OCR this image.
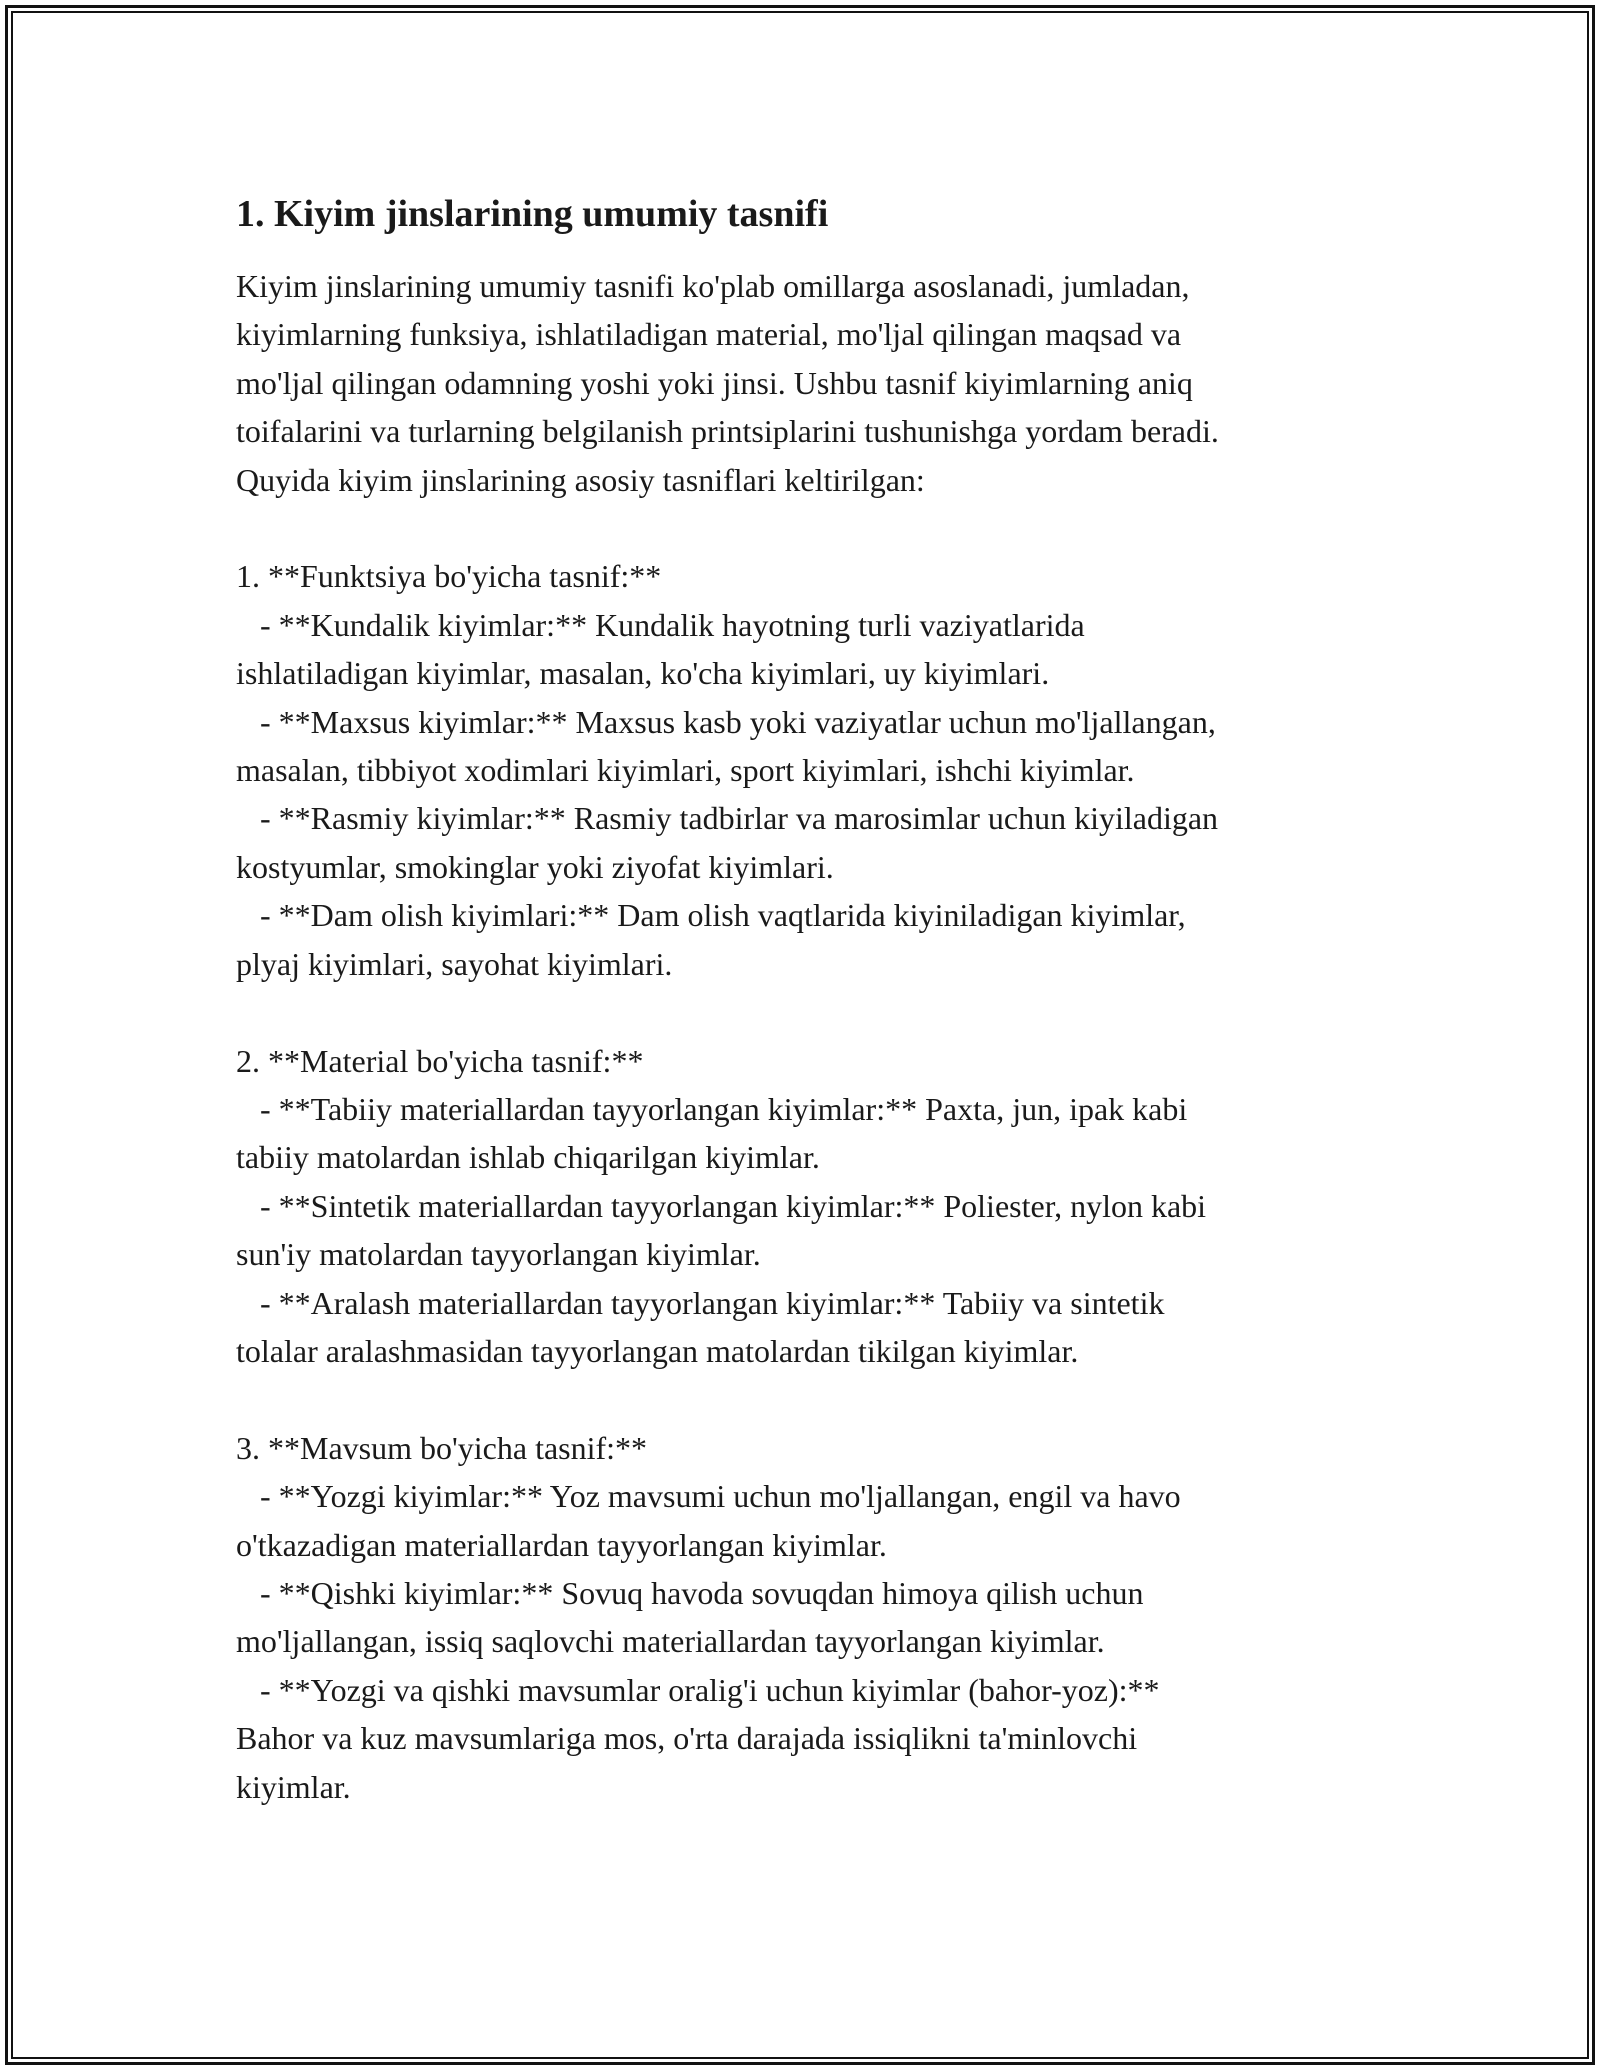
1. Kiyim jinslarining umumiy tasnifi
Kiyim jinslarining umumiy tasnifi ko'plab omillarga asoslanadi, jumladan,
kiyimlarning funksiya, ishlatiladigan material, mo'ljal qilingan maqsad va
mo'ljal qilingan odamning yoshi yoki jinsi. Ushbu tasnif kiyimlarning aniq
toifalarini va turlarning belgilanish printsiplarini tushunishga yordam beradi.
Quyida kiyim jinslarining asosiy tasniflari keltirilgan:

1. **Funktsiya bo'yicha tasnif:**
- **Kundalik kiyimlar:** Kundalik hayotning turli vaziyatlarida
ishlatiladigan kiyimlar, masalan, ko'cha kiyimlari, uy kiyimlari.
- **Maxsus kiyimlar:** Maxsus kasb yoki vaziyatlar uchun mo'ljallangan,
masalan, tibbiyot xodimlari kiyimlari, sport kiyimlari, ishchi kiyimlar.
- **Rasmiy kiyimlar:** Rasmiy tadbirlar va marosimlar uchun kiyiladigan
kostyumlar, smokinglar yoki ziyofat kiyimlari.
- **Dam olish kiyimlari:** Dam olish vaqtlarida kiyiniladigan kiyimlar,
plyaj kiyimlari, sayohat kiyimlari.

2. **Material bo'yicha tasnif:**
- **Tabiiy materiallardan tayyorlangan kiyimlar:** Paxta, jun, ipak kabi
tabiiy matolardan ishlab chiqarilgan kiyimlar.
- **Sintetik materiallardan tayyorlangan kiyimlar:** Poliester, nylon kabi
sun'iy matolardan tayyorlangan kiyimlar.
- **Aralash materiallardan tayyorlangan kiyimlar:** Tabiiy va sintetik
tolalar aralashmasidan tayyorlangan matolardan tikilgan kiyimlar.

3. **Mavsum bo'yicha tasnif:**
- **Yozgi kiyimlar:** Yoz mavsumi uchun mo'ljallangan, engil va havo
o'tkazadigan materiallardan tayyorlangan kiyimlar.
- **Qishki kiyimlar:** Sovuq havoda sovuqdan himoya qilish uchun
mo'ljallangan, issiq saqlovchi materiallardan tayyorlangan kiyimlar.
- **Yozgi va qishki mavsumlar oralig'i uchun kiyimlar (bahor-yoz):**
Bahor va kuz mavsumlariga mos, o'rta darajada issiqlikni ta'minlovchi
kiyimlar.
